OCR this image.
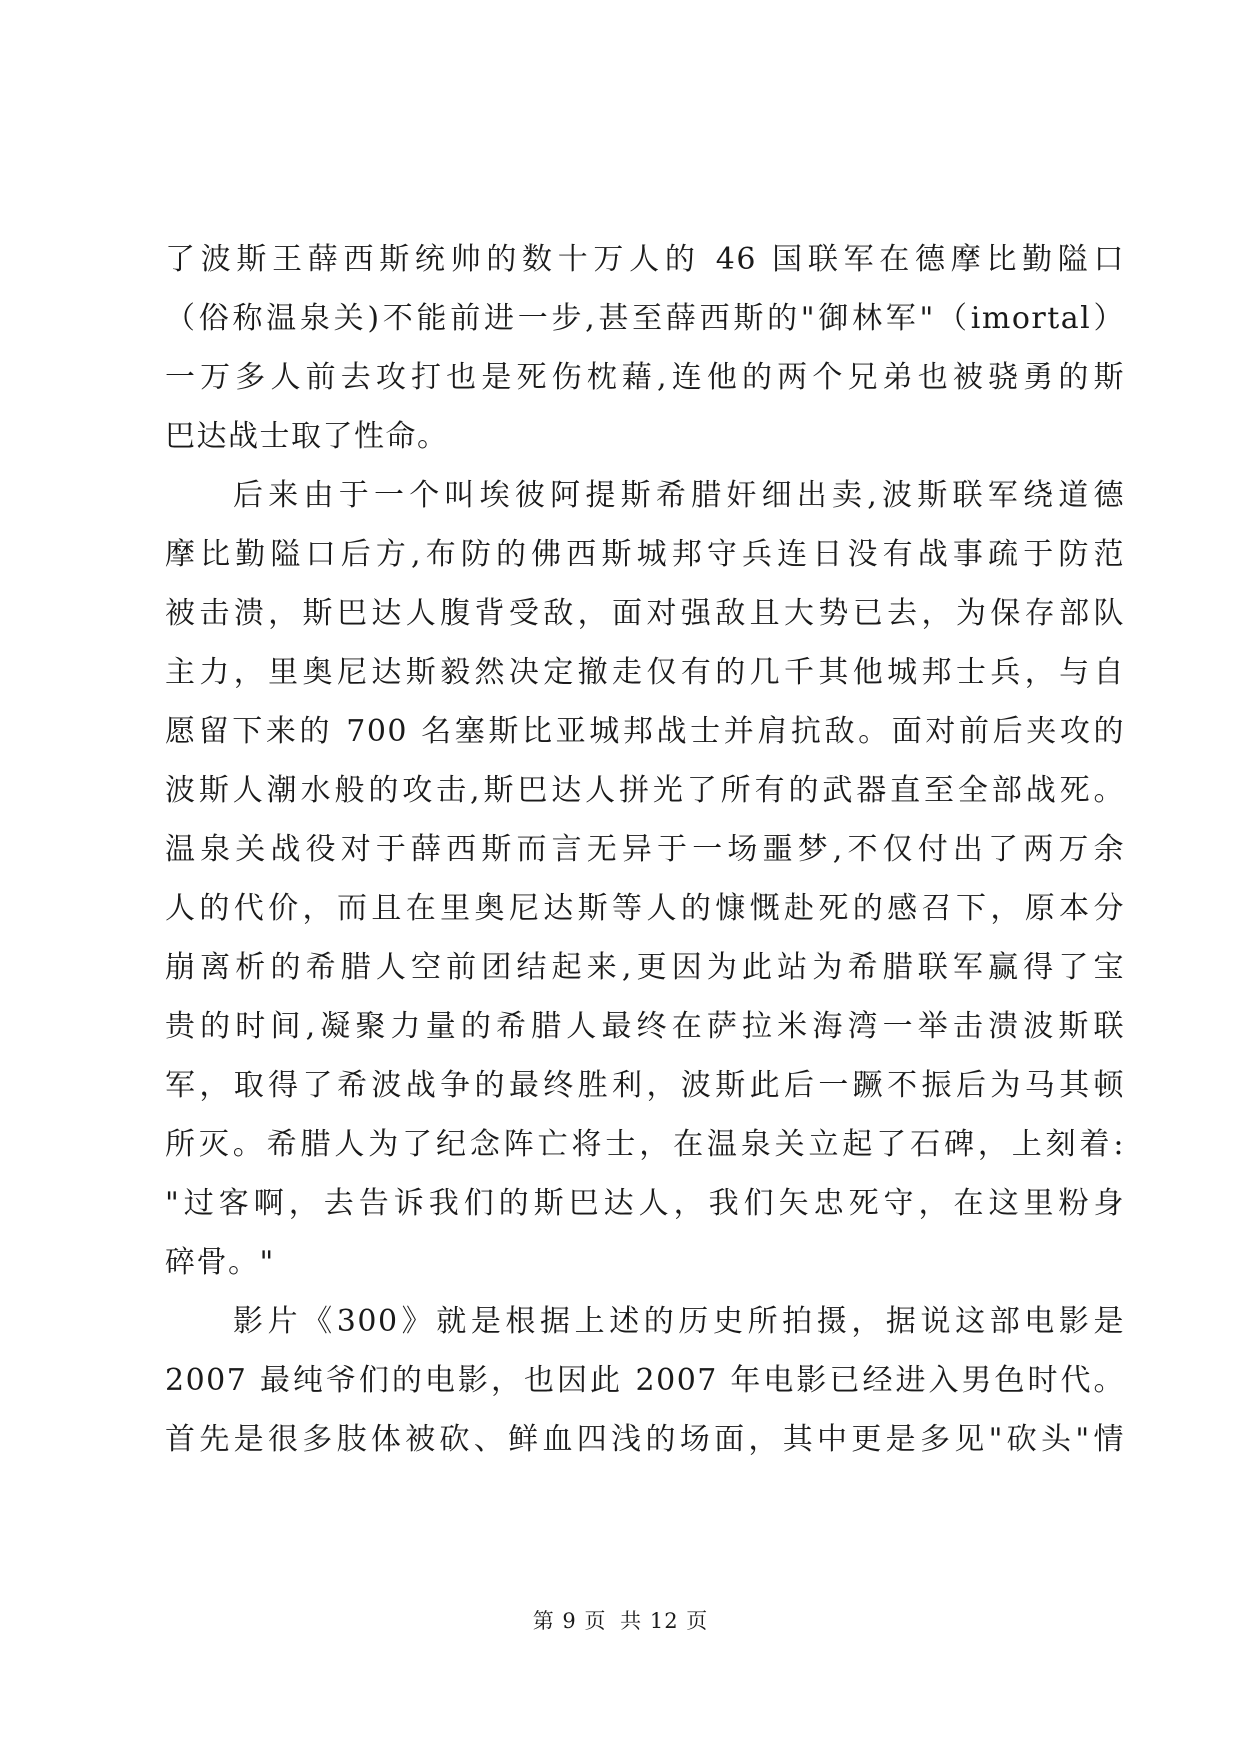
了波斯王薛西斯统帅的数十万人的 46 国联军在德摩比勤隘口
（俗称温泉关)不能前进一步,甚至薛西斯的"御林军"（imortal）
一万多人前去攻打也是死伤枕藉,连他的两个兄弟也被骁勇的斯
巴达战士取了性命。
后来由于一个叫埃彼阿提斯希腊奸细出卖,波斯联军绕道德
摩比勤隘口后方,布防的佛西斯城邦守兵连日没有战事疏于防范
被击溃，斯巴达人腹背受敌，面对强敌且大势已去，为保存部队
主力，里奥尼达斯毅然决定撤走仅有的几千其他城邦士兵，与自
愿留下来的 700 名塞斯比亚城邦战士并肩抗敌。面对前后夹攻的
波斯人潮水般的攻击,斯巴达人拼光了所有的武器直至全部战死。
温泉关战役对于薛西斯而言无异于一场噩梦,不仅付出了两万余
人的代价，而且在里奥尼达斯等人的慷慨赴死的感召下，原本分
崩离析的希腊人空前团结起来,更因为此站为希腊联军赢得了宝
贵的时间,凝聚力量的希腊人最终在萨拉米海湾一举击溃波斯联
军，取得了希波战争的最终胜利，波斯此后一蹶不振后为马其顿
所灭。希腊人为了纪念阵亡将士，在温泉关立起了石碑，上刻着:
"过客啊，去告诉我们的斯巴达人，我们矢忠死守，在这里粉身
碎骨。"
影片《300》就是根据上述的历史所拍摄，据说这部电影是
2007 最纯爷们的电影，也因此 2007 年电影已经进入男色时代。
首先是很多肢体被砍、鲜血四浅的场面，其中更是多见"砍头"情
第 9 页 共 12 页
